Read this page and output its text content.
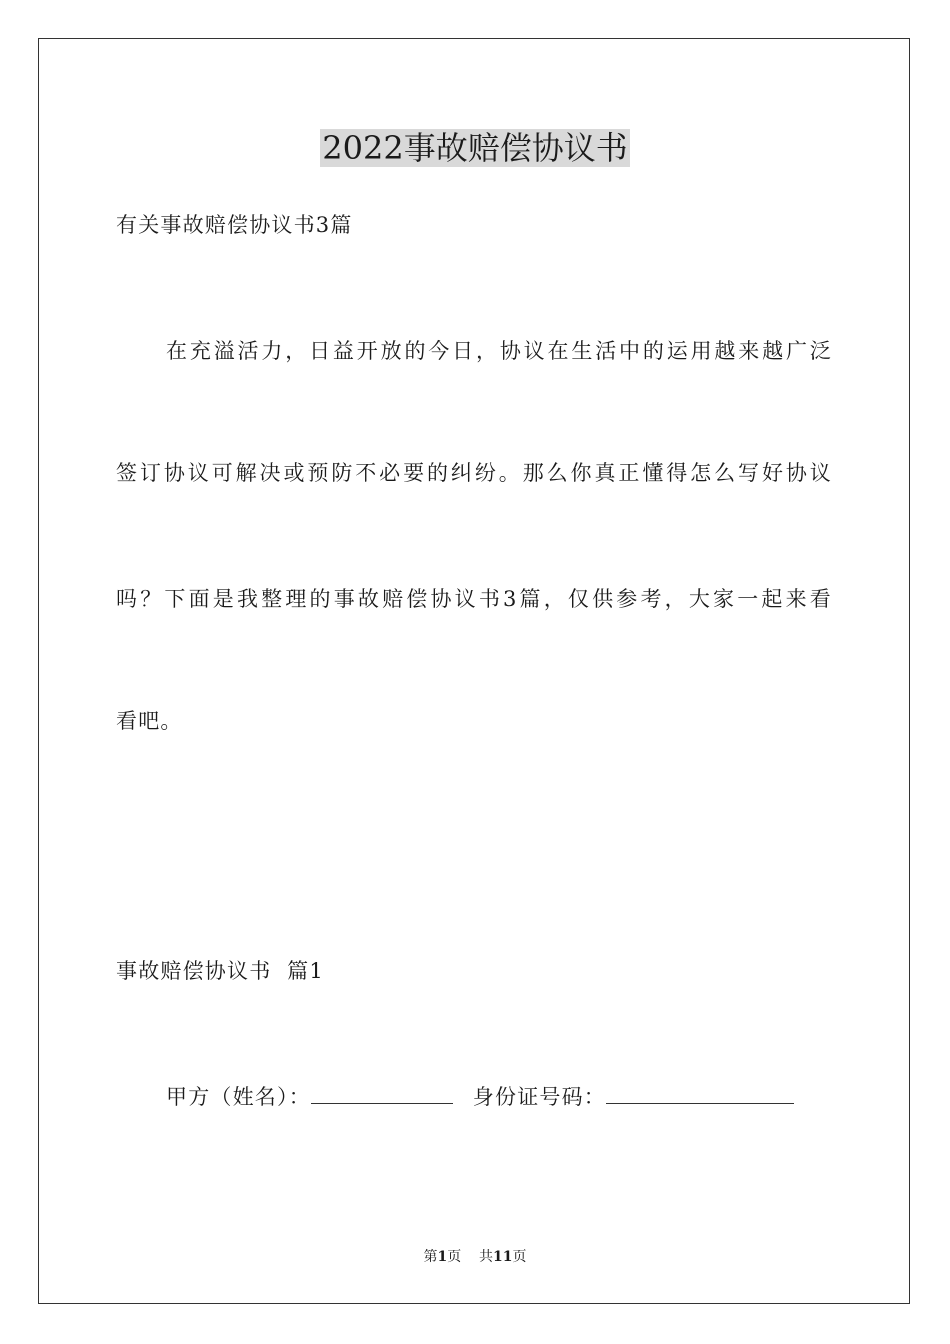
2022事故赔偿协议书
有关事故赔偿协议书3篇
在充溢活力，日益开放的今日，协议在生活中的运用越来越广泛
签订协议可解决或预防不必要的纠纷。那么你真正懂得怎么写好协议
吗？下面是我整理的事故赔偿协议书3篇，仅供参考，大家一起来看
看吧。
事故赔偿协议书  篇1
甲方（姓名）：	身份证号码：
第1页    共11页
